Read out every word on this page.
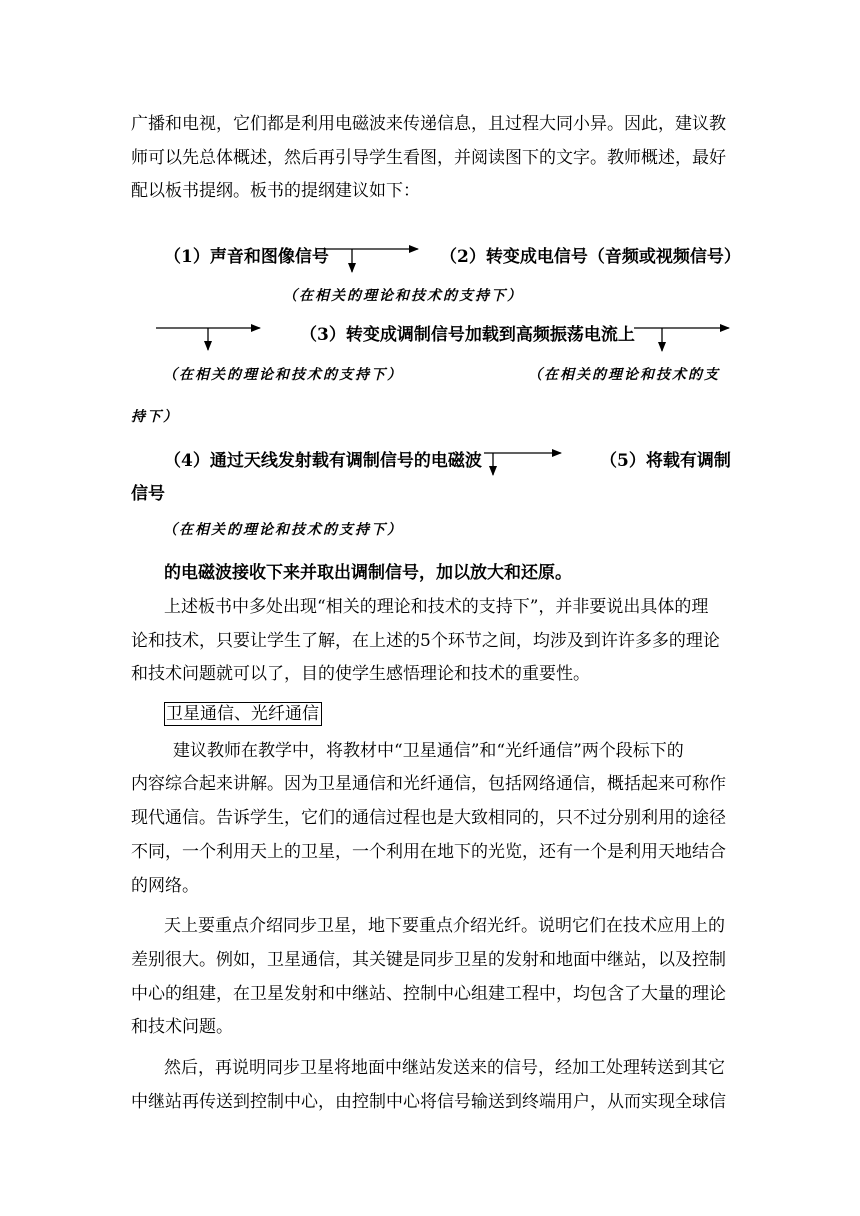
广播和电视，它们都是利用电磁波来传递信息，且过程大同小异。因此，建议教
师可以先总体概述，然后再引导学生看图，并阅读图下的文字。教师概述，最好
配以板书提纲。板书的提纲建议如下：
（1）声音和图像信号	（2）转变成电信号（音频或视频信号）
（在相关的理论和技术的支持下）
（3）转变成调制信号加载到高频振荡电流上
（在相关的理论和技术的支持下）	（在相关的理论和技术的支
持下）
（4）通过天线发射载有调制信号的电磁波	（5）将载有调制
信号
（在相关的理论和技术的支持下）
的电磁波接收下来并取出调制信号，加以放大和还原。
上述板书中多处出现“相关的理论和技术的支持下”，并非要说出具体的理
论和技术，只要让学生了解，在上述的5个环节之间，均涉及到许许多多的理论
和技术问题就可以了，目的使学生感悟理论和技术的重要性。
卫星通信、光纤通信
建议教师在教学中，将教材中“卫星通信”和“光纤通信”两个段标下的
内容综合起来讲解。因为卫星通信和光纤通信，包括网络通信，概括起来可称作
现代通信。告诉学生，它们的通信过程也是大致相同的，只不过分别利用的途径
不同，一个利用天上的卫星，一个利用在地下的光览，还有一个是利用天地结合
的网络。
天上要重点介绍同步卫星，地下要重点介绍光纤。说明它们在技术应用上的
差别很大。例如，卫星通信，其关键是同步卫星的发射和地面中继站，以及控制
中心的组建，在卫星发射和中继站、控制中心组建工程中，均包含了大量的理论
和技术问题。
然后，再说明同步卫星将地面中继站发送来的信号，经加工处理转送到其它
中继站再传送到控制中心，由控制中心将信号输送到终端用户，从而实现全球信
